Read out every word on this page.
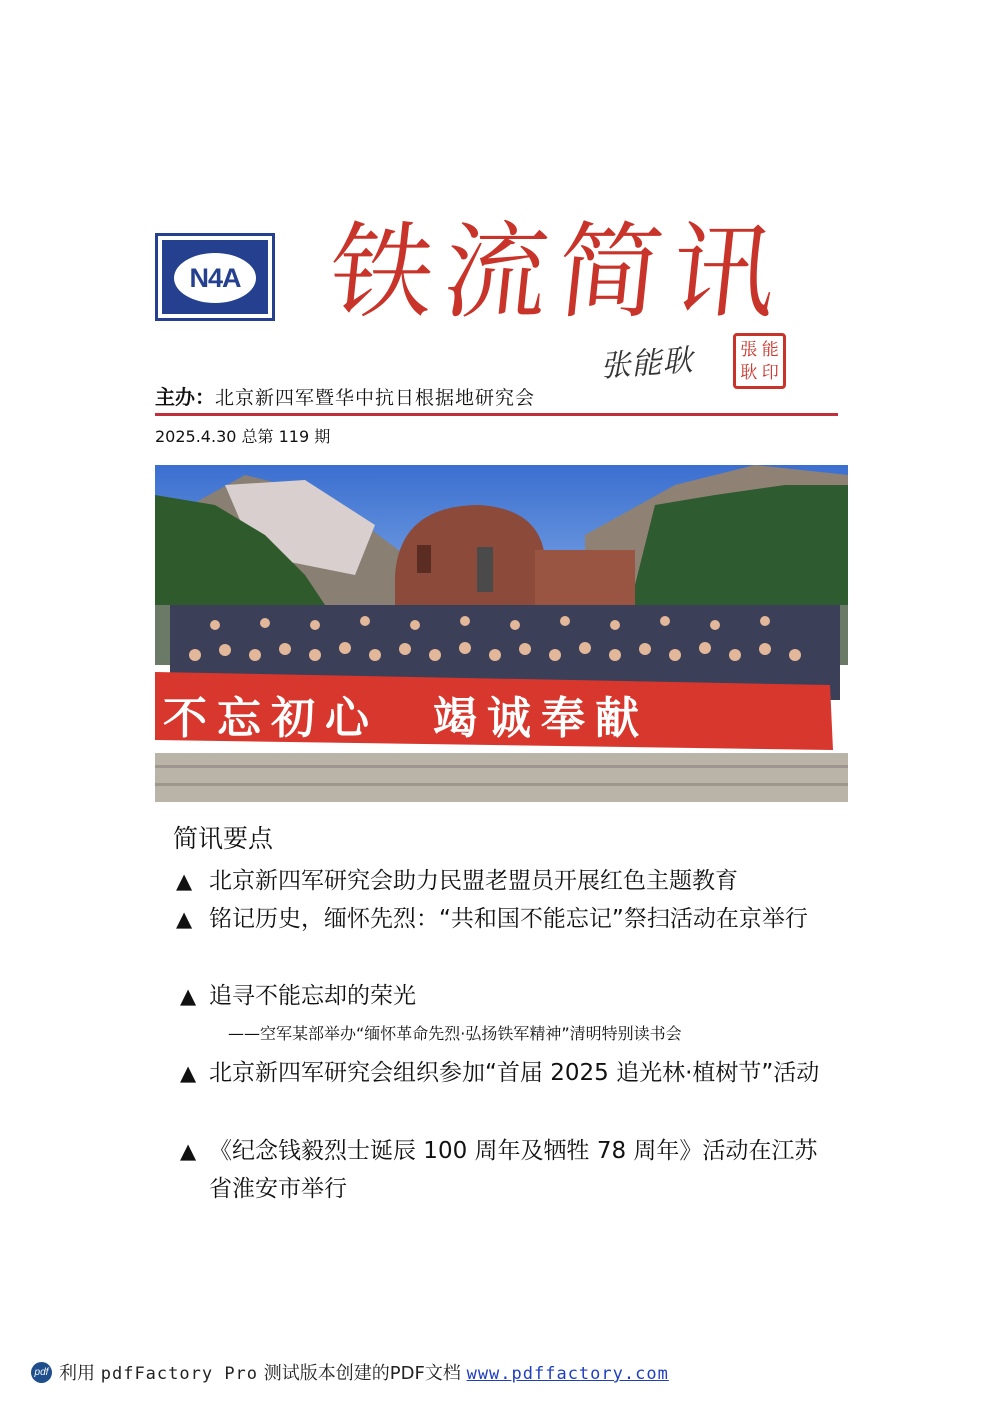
N4A 铁流简讯
张能耿	張 能
耿 印
主办：北京新四军暨华中抗日根据地研究会
2025.4.30 总第 119 期
不忘初心　竭诚奉献
简讯要点
▲ 北京新四军研究会助力民盟老盟员开展红色主题教育
▲ 铭记历史，缅怀先烈：“共和国不能忘记”祭扫活动在京举行
▲ 追寻不能忘却的荣光
——空军某部举办“缅怀革命先烈·弘扬铁军精神”清明特别读书会
▲ 北京新四军研究会组织参加“首届 2025 追光林·植树节”活动
▲ 《纪念钱毅烈士诞辰 100 周年及牺牲 78 周年》活动在江苏省淮安市举行
pdf 利用 pdfFactory Pro 测试版本创建的PDF文档 www.pdffactory.com
